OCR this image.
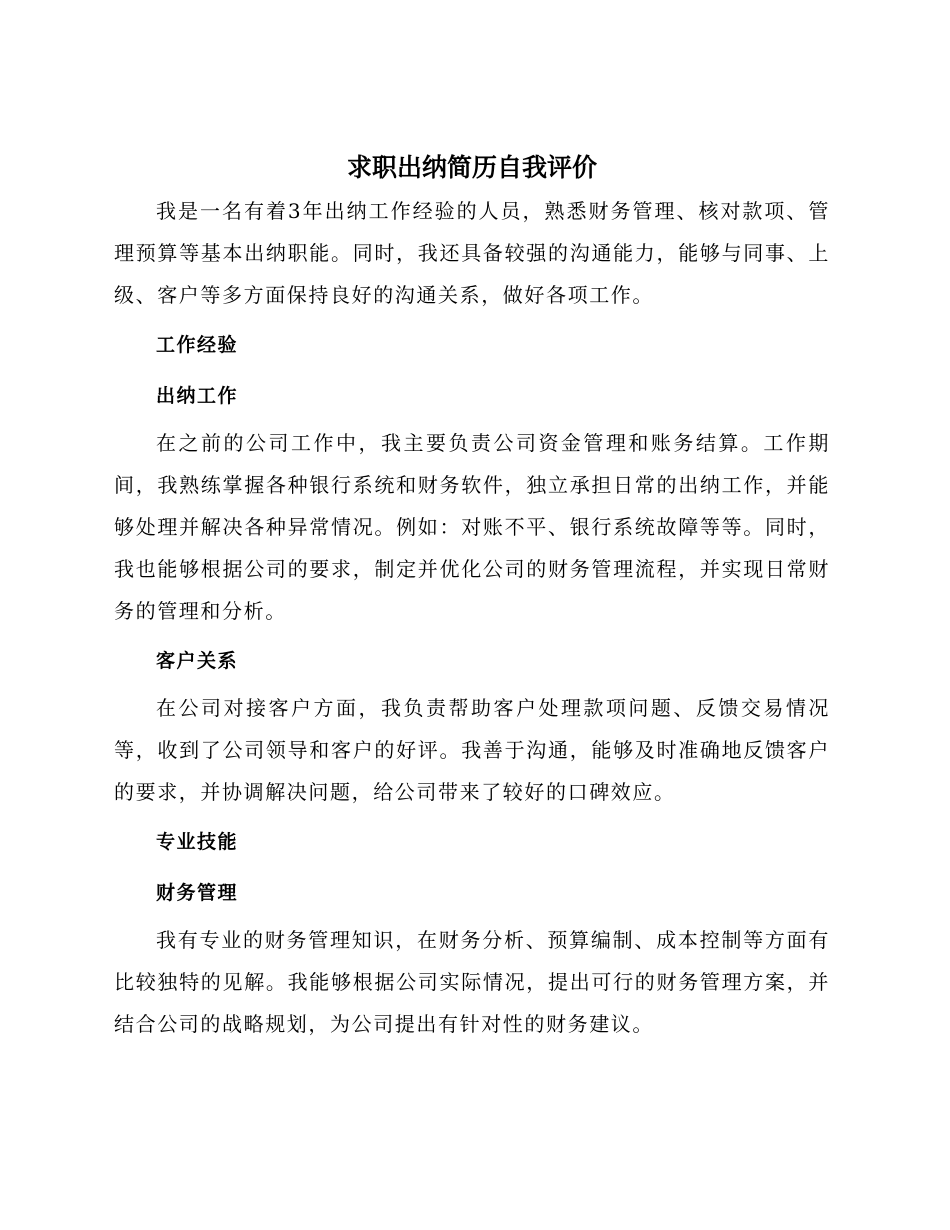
求职出纳简历自我评价

我是一名有着3年出纳工作经验的人员，熟悉财务管理、核对款项、管理预算等基本出纳职能。同时，我还具备较强的沟通能力，能够与同事、上级、客户等多方面保持良好的沟通关系，做好各项工作。

工作经验

出纳工作

在之前的公司工作中，我主要负责公司资金管理和账务结算。工作期间，我熟练掌握各种银行系统和财务软件，独立承担日常的出纳工作，并能够处理并解决各种异常情况。例如：对账不平、银行系统故障等等。同时，我也能够根据公司的要求，制定并优化公司的财务管理流程，并实现日常财务的管理和分析。

客户关系

在公司对接客户方面，我负责帮助客户处理款项问题、反馈交易情况等，收到了公司领导和客户的好评。我善于沟通，能够及时准确地反馈客户的要求，并协调解决问题，给公司带来了较好的口碑效应。

专业技能

财务管理

我有专业的财务管理知识，在财务分析、预算编制、成本控制等方面有比较独特的见解。我能够根据公司实际情况，提出可行的财务管理方案，并结合公司的战略规划，为公司提出有针对性的财务建议。
